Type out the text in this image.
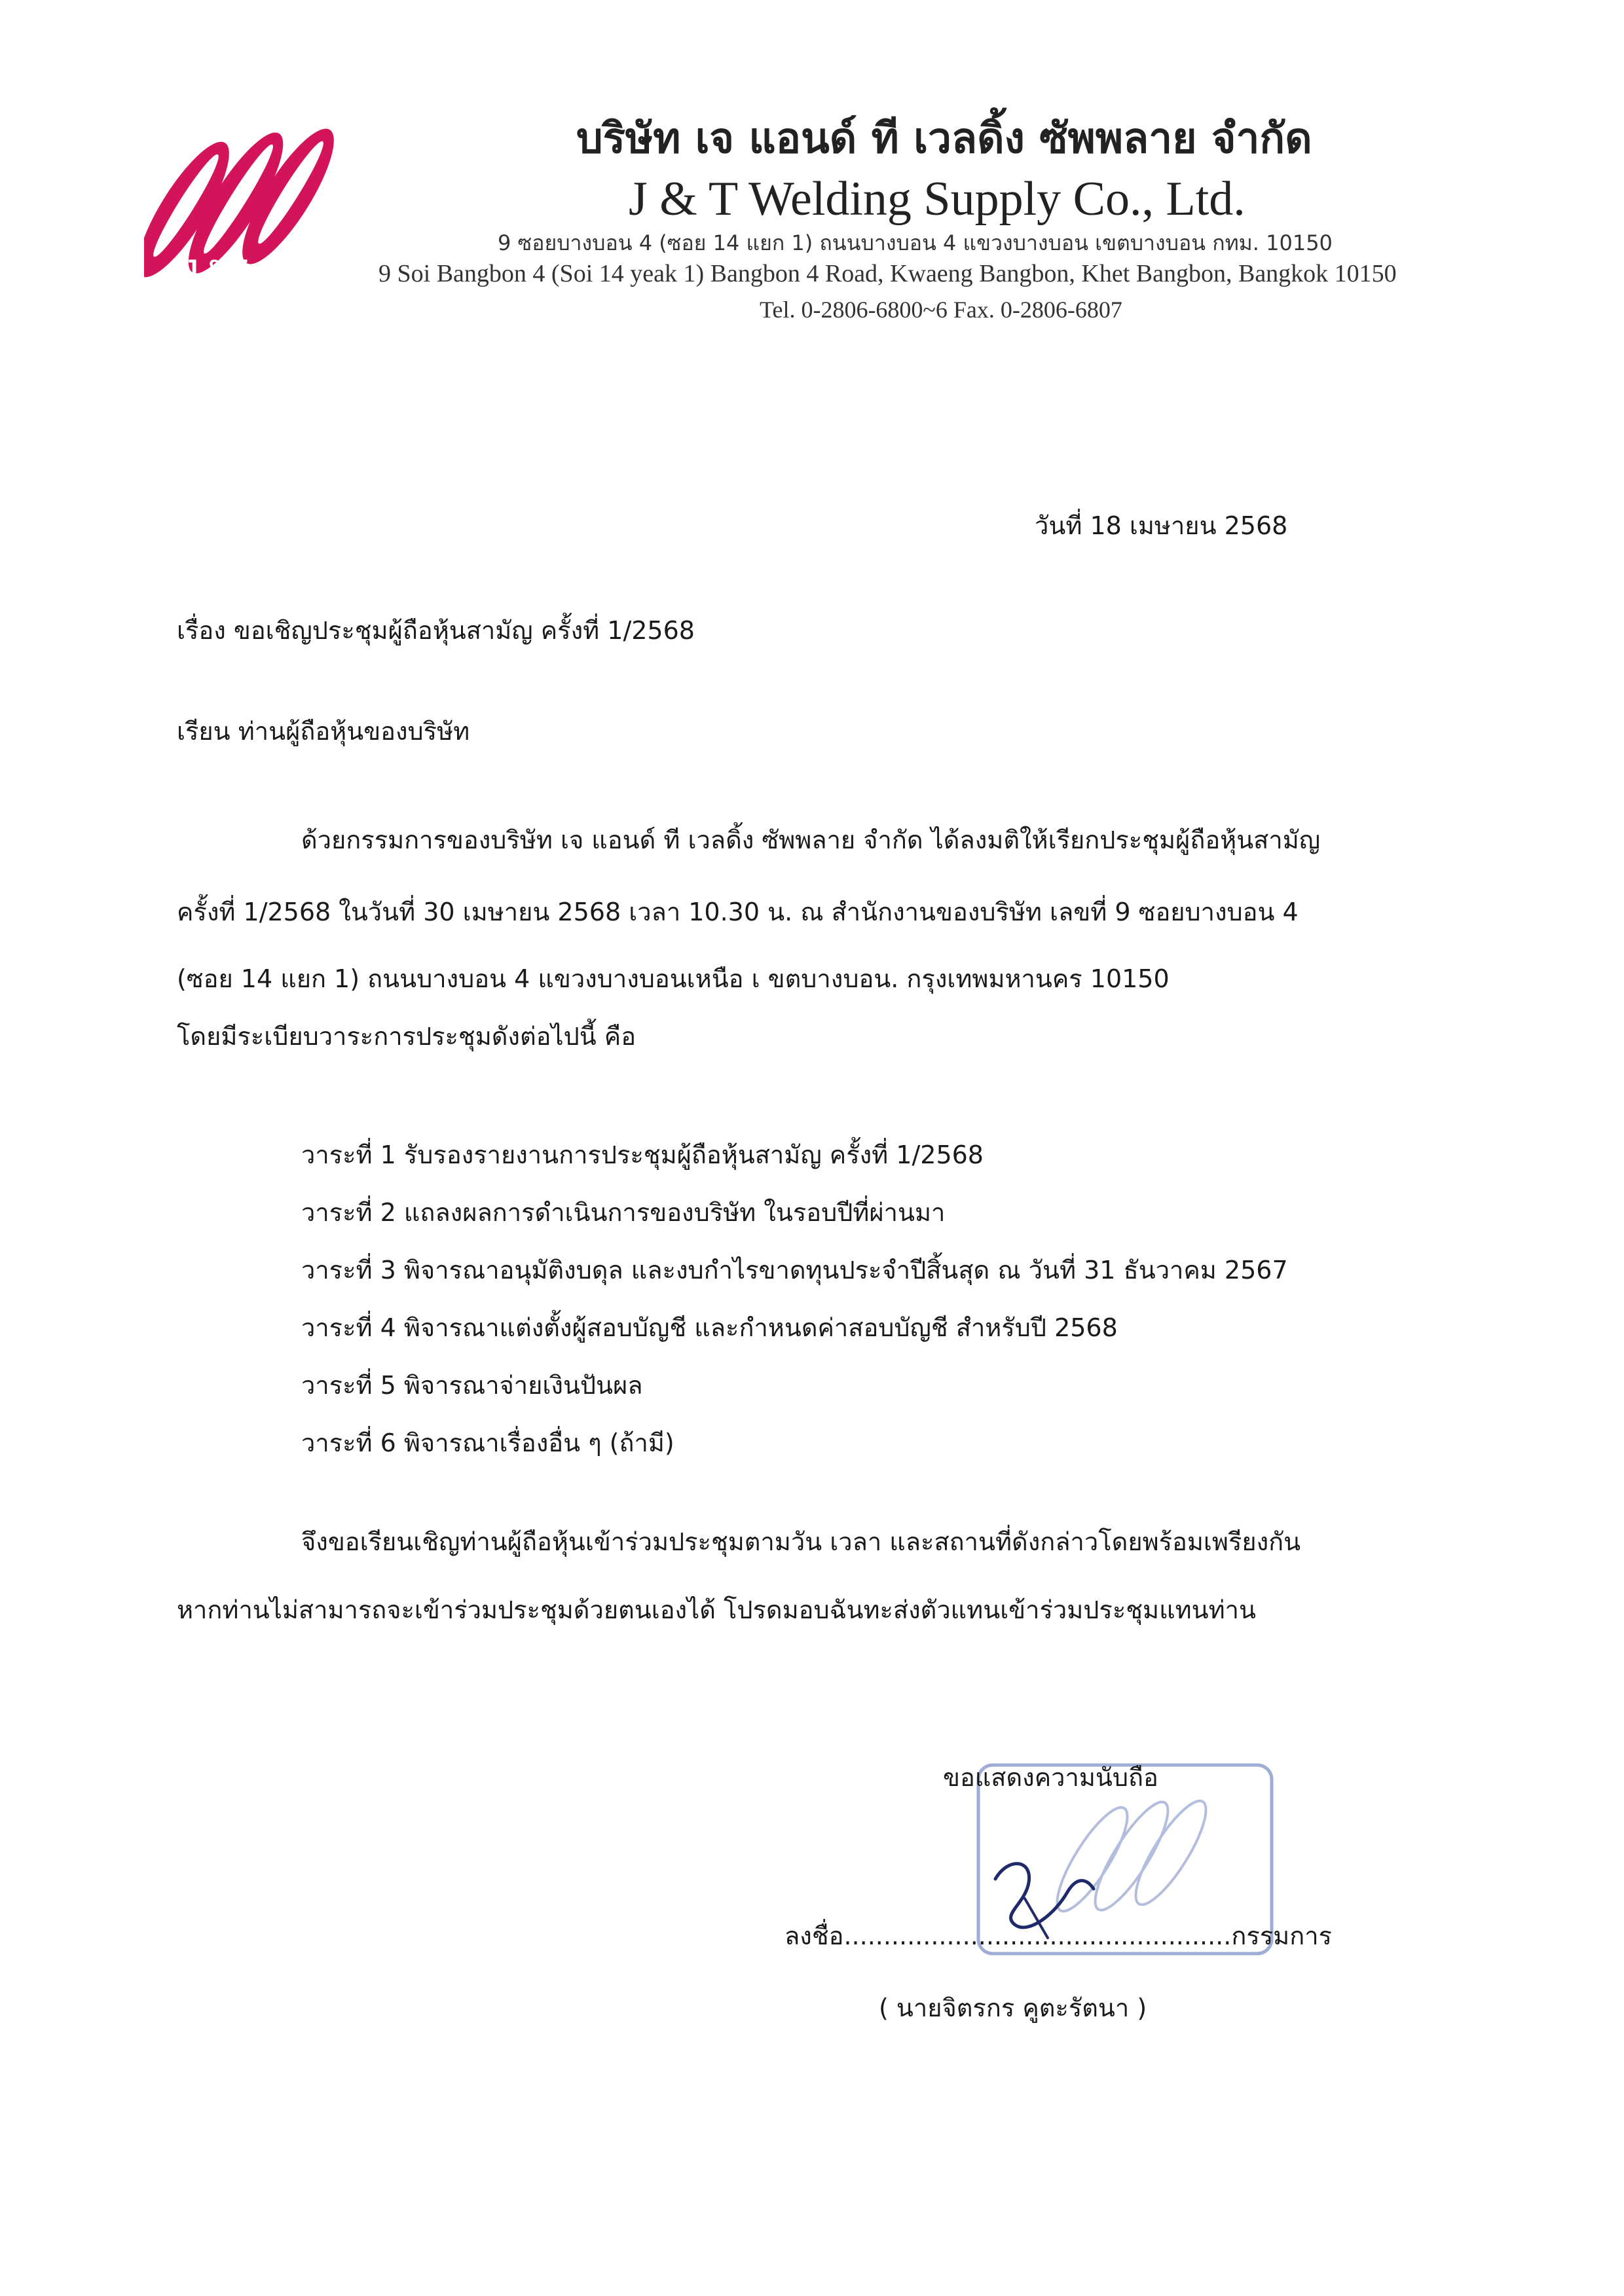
J & T
บริษัท เจ แอนด์ ที เวลดิ้ง ซัพพลาย จำกัด
J & T Welding Supply Co., Ltd.
9 ซอยบางบอน 4 (ซอย 14 แยก 1) ถนนบางบอน 4 แขวงบางบอน เขตบางบอน กทม. 10150
9 Soi Bangbon 4 (Soi 14 yeak 1) Bangbon 4 Road, Kwaeng Bangbon, Khet Bangbon, Bangkok 10150
Tel. 0-2806-6800~6 Fax. 0-2806-6807
วันที่ 18 เมษายน 2568
เรื่อง ขอเชิญประชุมผู้ถือหุ้นสามัญ ครั้งที่ 1/2568
เรียน ท่านผู้ถือหุ้นของบริษัท
ด้วยกรรมการของบริษัท เจ แอนด์ ที เวลดิ้ง ซัพพลาย จำกัด ได้ลงมติให้เรียกประชุมผู้ถือหุ้นสามัญ
ครั้งที่ 1/2568 ในวันที่ 30 เมษายน 2568 เวลา 10.30 น. ณ สำนักงานของบริษัท เลขที่ 9 ซอยบางบอน 4
(ซอย 14 แยก 1) ถนนบางบอน 4 แขวงบางบอนเหนือ เ ขตบางบอน. กรุงเทพมหานคร 10150
โดยมีระเบียบวาระการประชุมดังต่อไปนี้ คือ
วาระที่ 1 รับรองรายงานการประชุมผู้ถือหุ้นสามัญ ครั้งที่ 1/2568
วาระที่ 2 แถลงผลการดำเนินการของบริษัท ในรอบปีที่ผ่านมา
วาระที่ 3 พิจารณาอนุมัติงบดุล และงบกำไรขาดทุนประจำปีสิ้นสุด ณ วันที่ 31 ธันวาคม 2567
วาระที่ 4 พิจารณาแต่งตั้งผู้สอบบัญชี และกำหนดค่าสอบบัญชี สำหรับปี 2568
วาระที่ 5 พิจารณาจ่ายเงินปันผล
วาระที่ 6 พิจารณาเรื่องอื่น ๆ (ถ้ามี)
จึงขอเรียนเชิญท่านผู้ถือหุ้นเข้าร่วมประชุมตามวัน เวลา และสถานที่ดังกล่าวโดยพร้อมเพรียงกัน
หากท่านไม่สามารถจะเข้าร่วมประชุมด้วยตนเองได้ โปรดมอบฉันทะส่งตัวแทนเข้าร่วมประชุมแทนท่าน
ขอแสดงความนับถือ
ลงชื่อ.................................................กรรมการ
( นายจิตรกร คูตะรัตนา )
